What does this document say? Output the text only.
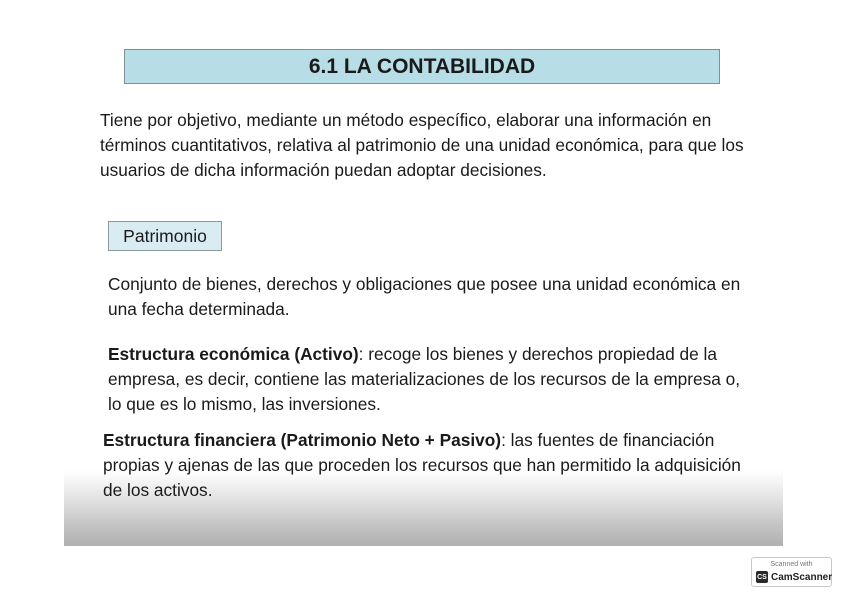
6.1 LA CONTABILIDAD

Tiene por objetivo, mediante un método específico, elaborar una información en términos cuantitativos, relativa al patrimonio de una unidad económica, para que los usuarios de dicha información puedan adoptar decisiones.

Patrimonio

Conjunto de bienes, derechos y obligaciones que posee una unidad económica en una fecha determinada.

Estructura económica (Activo): recoge los bienes y derechos propiedad de la empresa, es decir, contiene las materializaciones de los recursos de la empresa o, lo que es lo mismo, las inversiones.

Estructura financiera (Patrimonio Neto + Pasivo): las fuentes de financiación propias y ajenas de las que proceden los recursos que han permitido la adquisición de los activos.

Scanned with
CS CamScanner
